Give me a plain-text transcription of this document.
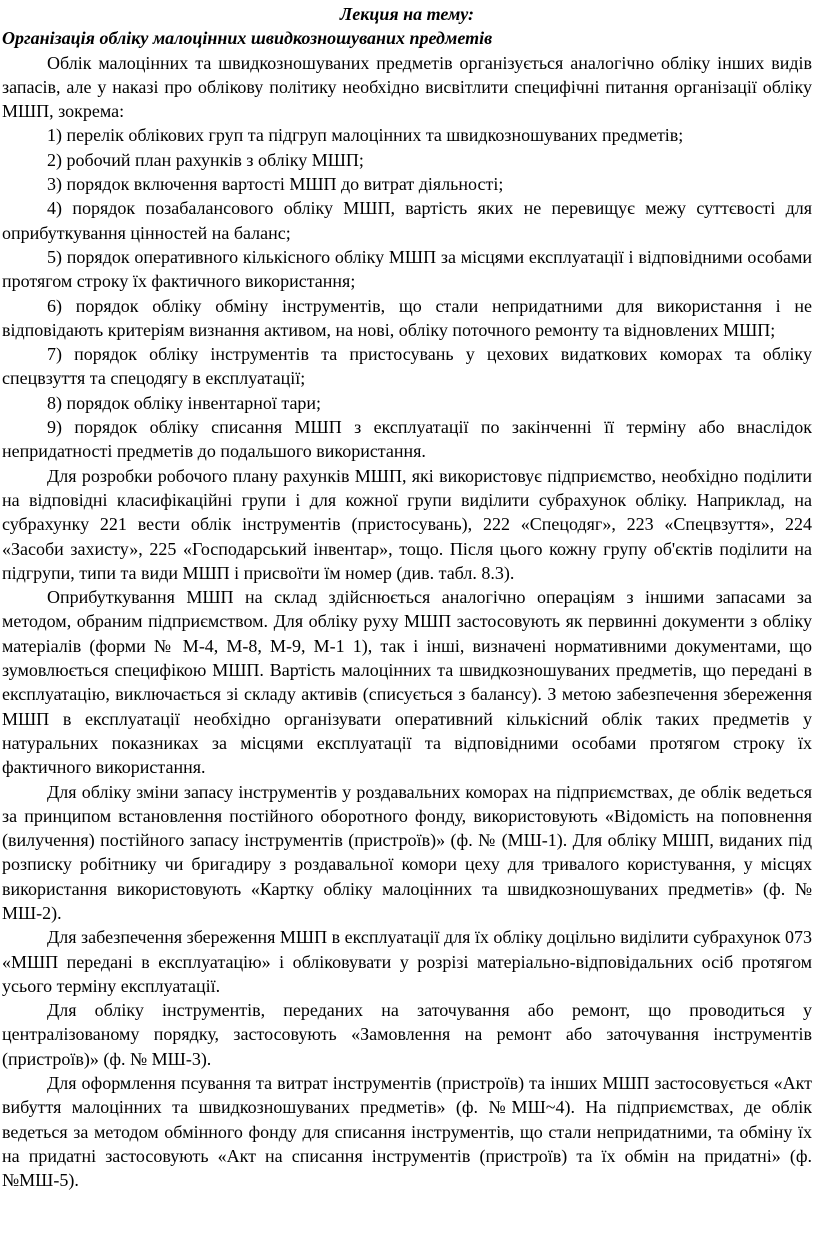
Лекция на тему:
Організація обліку малоцінних швидкозношуваних предметів

Облік малоцінних та швидкозношуваних предметів організується аналогічно обліку інших видів запасів, але у наказі про облікову політику необхідно висвітлити специфічні питання організації обліку МШП, зокрема:

1) перелік облікових груп та підгруп малоцінних та швидкозношуваних предметів;

2) робочий план рахунків з обліку МШП;

3) порядок включення вартості МШП до витрат діяльності;

4) порядок позабалансового обліку МШП, вартість яких не перевищує межу суттєвості для оприбуткування цінностей на баланс;

5) порядок оперативного кількісного обліку МШП за місцями експлуатації і відповідними особами протягом строку їх фактичного використання;

6) порядок обліку обміну інструментів, що стали непридатними для використання і не відповідають критеріям визнання активом, на нові, обліку поточного ремонту та відновлених МШП;

7) порядок обліку інструментів та пристосувань у цехових видаткових коморах та обліку спецвзуття та спецодягу в експлуатації;

8) порядок обліку інвентарної тари;

9) порядок обліку списання МШП з експлуатації по закінченні її терміну або внаслідок непридатності предметів до подальшого використання.

Для розробки робочого плану рахунків МШП, які використовує підприємство, необхідно поділити на відповідні класифікаційні групи і для кожної групи виділити субрахунок обліку. Наприклад, на субрахунку 221 вести облік інструментів (пристосувань), 222 «Спецодяг», 223 «Спецвзуття», 224 «Засоби захисту», 225 «Господарський інвентар», тощо. Після цього кожну групу об'єктів поділити на підгрупи, типи та види МШП і присвоїти їм номер (див. табл. 8.3).

Оприбуткування МШП на склад здійснюється аналогічно операціям з іншими запасами за методом, обраним підприємством. Для обліку руху МШП застосовують як первинні документи з обліку матеріалів (форми № М-4, М-8, М-9, М-1 1), так і інші, визначені нормативними документами, що зумовлюється специфікою МШП. Вартість малоцінних та швидкозношуваних предметів, що передані в експлуатацію, виключається зі складу активів (списується з балансу). З метою забезпечення збереження МШП в експлуатації необхідно організувати оперативний кількісний облік таких предметів у натуральних показниках за місцями експлуатації та відповідними особами протягом строку їх фактичного використання.

Для обліку зміни запасу інструментів у роздавальних коморах на підприємствах, де облік ведеться за принципом встановлення постійного оборотного фонду, використовують «Відомість на поповнення (вилучення) постійного запасу інструментів (пристроїв)» (ф. № (МШ-1). Для обліку МШП, виданих під розписку робітнику чи бригадиру з роздавальної комори цеху для тривалого користування, у місцях використання використовують «Картку обліку малоцінних та швидкозношуваних предметів» (ф. № МШ-2).

Для забезпечення збереження МШП в експлуатації для їх обліку доцільно виділити субрахунок 073 «МШП передані в експлуатацію» і обліковувати у розрізі матеріально-відповідальних осіб протягом усього терміну експлуатації.

Для обліку інструментів, переданих на заточування або ремонт, що проводиться у централізованому порядку, застосовують «Замовлення на ремонт або заточування інструментів (пристроїв)» (ф. № МШ-3).

Для оформлення псування та витрат інструментів (пристроїв) та інших МШП застосовується «Акт вибуття малоцінних та швидкозношуваних предметів» (ф. №МШ~4). На підприємствах, де облік ведеться за методом обмінного фонду для списання інструментів, що стали непридатними, та обміну їх на придатні застосовують «Акт на списання інструментів (пристроїв) та їх обмін на придатні» (ф. №МШ-5).
